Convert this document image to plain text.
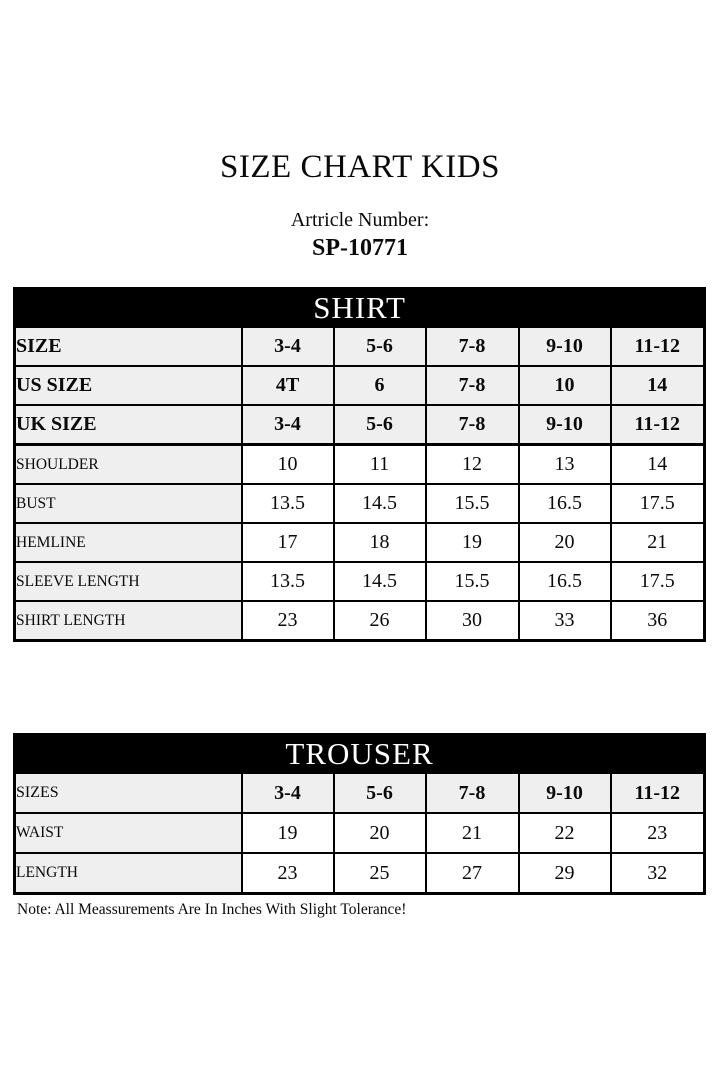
SIZE CHART KIDS
Artricle Number:
SP-10771
SHIRT					
SIZE	3-4	5-6	7-8	9-10	11-12
US SIZE	4T	6	7-8	10	14
UK SIZE	3-4	5-6	7-8	9-10	11-12
SHOULDER	10	11	12	13	14
BUST	13.5	14.5	15.5	16.5	17.5
HEMLINE	17	18	19	20	21
SLEEVE LENGTH	13.5	14.5	15.5	16.5	17.5
SHIRT LENGTH	23	26	30	33	36
TROUSER					
SIZES	3-4	5-6	7-8	9-10	11-12
WAIST	19	20	21	22	23
LENGTH	23	25	27	29	32
Note: All Meassurements Are In Inches With Slight Tolerance!
